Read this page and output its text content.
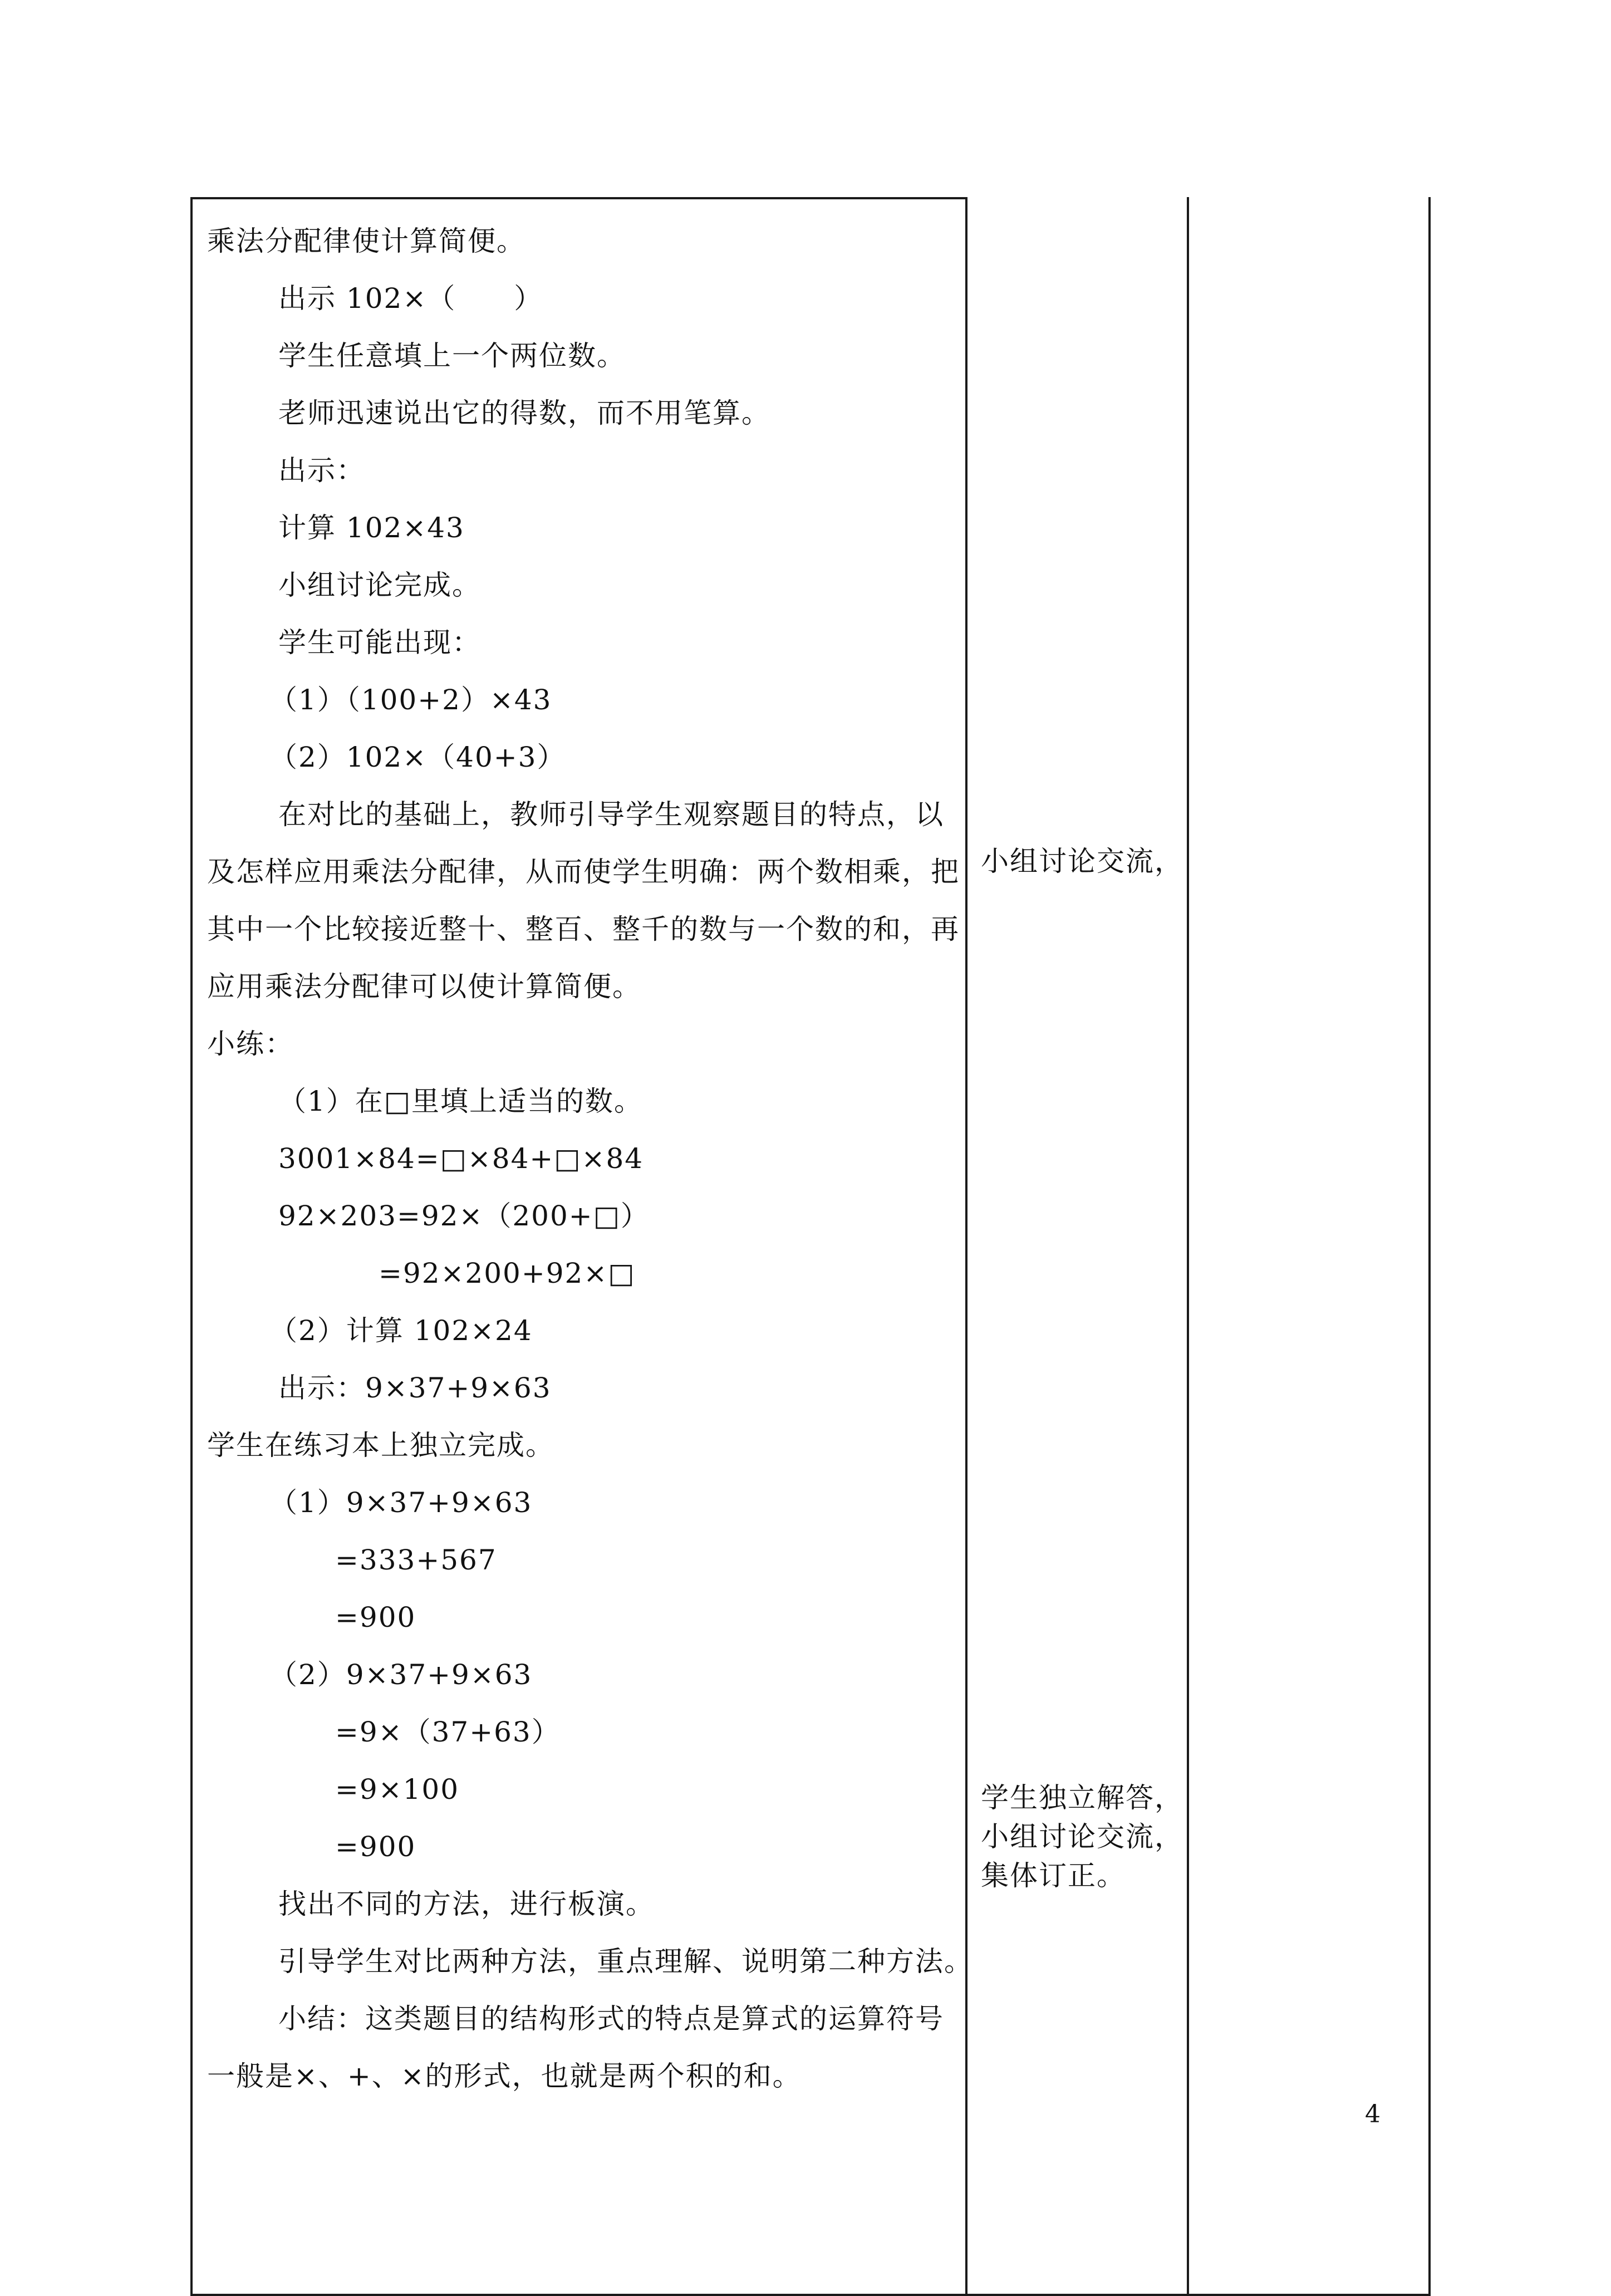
乘法分配律使计算简便。
出示 102×（　　）
学生任意填上一个两位数。
老师迅速说出它的得数，而不用笔算。
出示：
计算 102×43
小组讨论完成。
学生可能出现：
（1）（100+2）×43
（2）102×（40+3）
在对比的基础上，教师引导学生观察题目的特点，以
及怎样应用乘法分配律，从而使学生明确：两个数相乘，把
其中一个比较接近整十、整百、整千的数与一个数的和，再
应用乘法分配律可以使计算简便。
小练：
（1）在□里填上适当的数。
3001×84=□×84+□×84
92×203=92×（200+□）
=92×200+92×□
（2）计算 102×24
出示：9×37+9×63
学生在练习本上独立完成。
（1）9×37+9×63
=333+567
=900
（2）9×37+9×63
=9×（37+63）
=9×100
=900
找出不同的方法，进行板演。
引导学生对比两种方法，重点理解、说明第二种方法。
小结：这类题目的结构形式的特点是算式的运算符号
一般是×、+、×的形式，也就是两个积的和。
小组讨论交流，
学生独立解答，
小组讨论交流，
集体订正。
4
